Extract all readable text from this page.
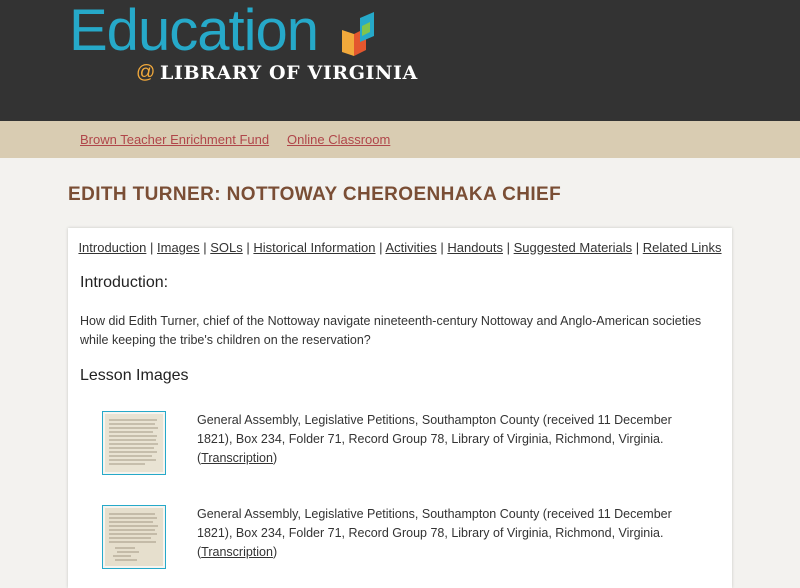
Education
@ LIBRARY OF VIRGINIA
Brown Teacher Enrichment Fund Online Classroom
EDITH TURNER: NOTTOWAY CHEROENHAKA CHIEF
Introduction | Images | SOLs | Historical Information | Activities | Handouts | Suggested Materials | Related Links
Introduction:
How did Edith Turner, chief of the Nottoway navigate nineteenth-century Nottoway and Anglo-American societies while keeping the tribe's children on the reservation?
Lesson Images
General Assembly, Legislative Petitions, Southampton County (received 11 December 1821), Box 234, Folder 71, Record Group 78, Library of Virginia, Richmond, Virginia. (Transcription)
General Assembly, Legislative Petitions, Southampton County (received 11 December 1821), Box 234, Folder 71, Record Group 78, Library of Virginia, Richmond, Virginia. (Transcription)
